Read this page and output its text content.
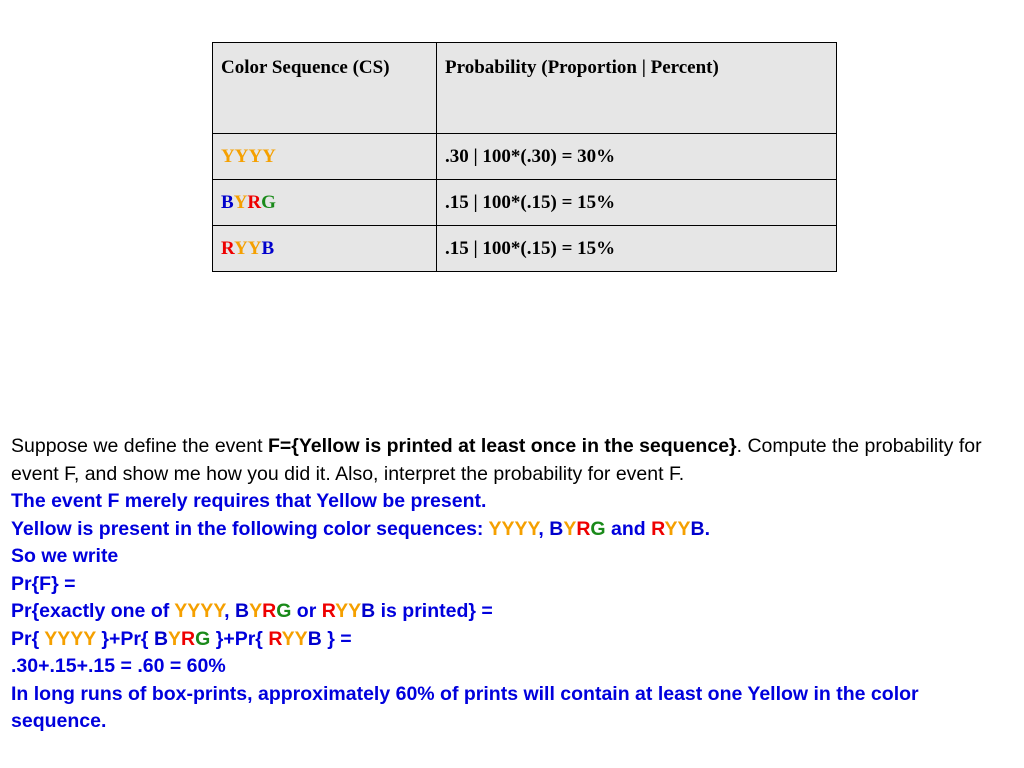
Color Sequence (CS)	Probability (Proportion | Percent)
YYYY	.30 | 100*(.30) = 30%
BYRG	.15 | 100*(.15) = 15%
RYYB	.15 | 100*(.15) = 15%
Suppose we define the event F={Yellow is printed at least once in the sequence}. Compute the probability for event F, and show me how you did it. Also, interpret the probability for event F.
The event F merely requires that Yellow be present.
Yellow is present in the following color sequences: YYYY, BYRG and RYYB.
So we write
Pr{F} =
Pr{exactly one of YYYY, BYRG or RYYB is printed} =
Pr{ YYYY }+Pr{ BYRG }+Pr{ RYYB } =
.30+.15+.15 = .60 = 60%
In long runs of box-prints, approximately 60% of prints will contain at least one Yellow in the color sequence.
